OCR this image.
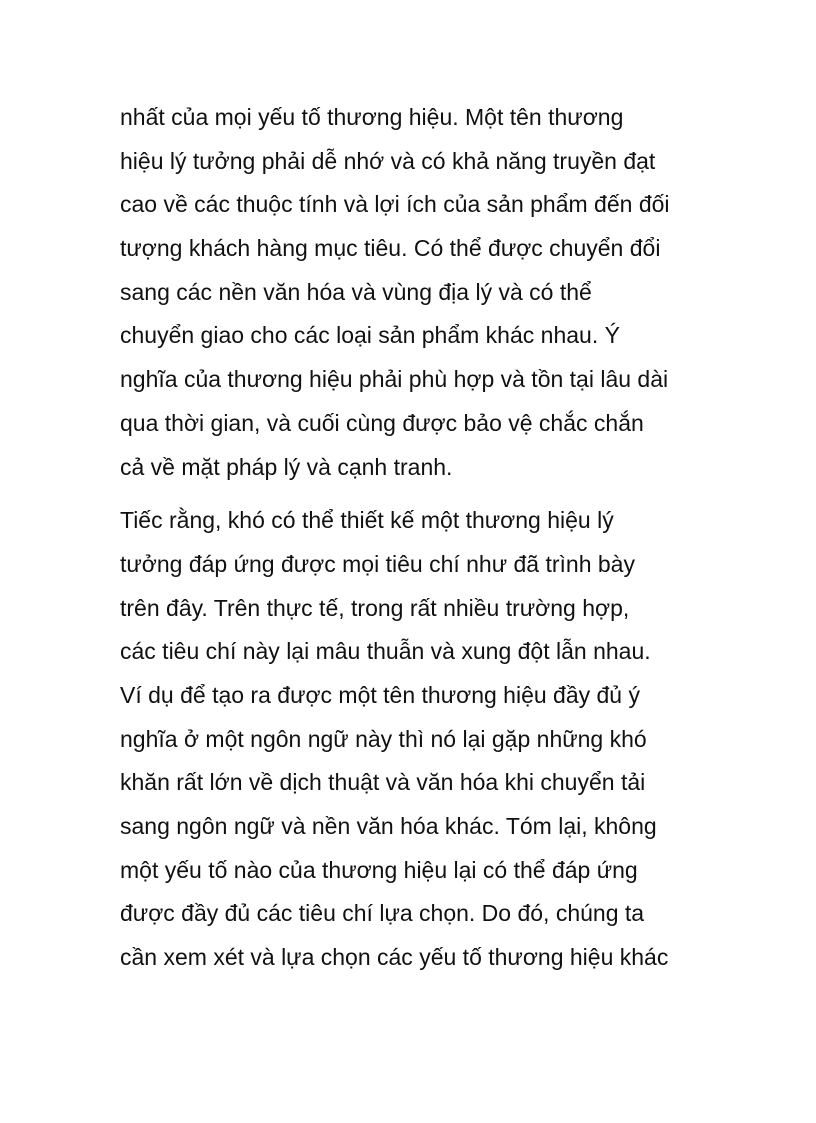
nhất của mọi yếu tố thương hiệu. Một tên thương
hiệu lý tưởng phải dễ nhớ và có khả năng truyền đạt
cao về các thuộc tính và lợi ích của sản phẩm đến đối
tượng khách hàng mục tiêu. Có thể được chuyển đổi
sang các nền văn hóa và vùng địa lý và có thể
chuyển giao cho các loại sản phẩm khác nhau. Ý
nghĩa của thương hiệu phải phù hợp và tồn tại lâu dài
qua thời gian, và cuối cùng được bảo vệ chắc chắn
cả về mặt pháp lý và cạnh tranh.

Tiếc rằng, khó có thể thiết kế một thương hiệu lý
tưởng đáp ứng được mọi tiêu chí như đã trình bày
trên đây. Trên thực tế, trong rất nhiều trường hợp,
các tiêu chí này lại mâu thuẫn và xung đột lẫn nhau.
Ví dụ để tạo ra được một tên thương hiệu đầy đủ ý
nghĩa ở một ngôn ngữ này thì nó lại gặp những khó
khăn rất lớn về dịch thuật và văn hóa khi chuyển tải
sang ngôn ngữ và nền văn hóa khác. Tóm lại, không
một yếu tố nào của thương hiệu lại có thể đáp ứng
được đầy đủ các tiêu chí lựa chọn. Do đó, chúng ta
cần xem xét và lựa chọn các yếu tố thương hiệu khác
